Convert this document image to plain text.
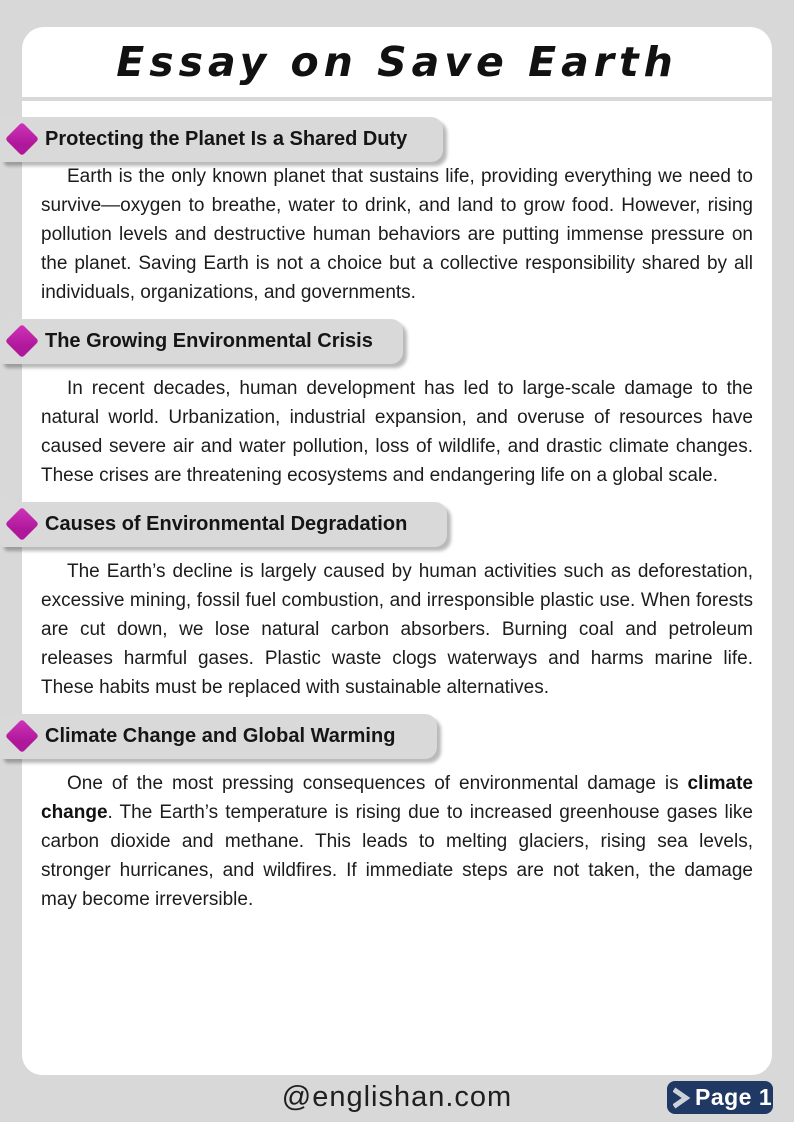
Essay on Save Earth
Protecting the Planet Is a Shared Duty

Earth is the only known planet that sustains life, providing everything we need to survive—oxygen to breathe, water to drink, and land to grow food. However, rising pollution levels and destructive human behaviors are putting immense pressure on the planet. Saving Earth is not a choice but a collective responsibility shared by all individuals, organizations, and governments.

The Growing Environmental Crisis

In recent decades, human development has led to large-scale damage to the natural world. Urbanization, industrial expansion, and overuse of resources have caused severe air and water pollution, loss of wildlife, and drastic climate changes. These crises are threatening ecosystems and endangering life on a global scale.

Causes of Environmental Degradation

The Earth’s decline is largely caused by human activities such as deforestation, excessive mining, fossil fuel combustion, and irresponsible plastic use. When forests are cut down, we lose natural carbon absorbers. Burning coal and petroleum releases harmful gases. Plastic waste clogs waterways and harms marine life. These habits must be replaced with sustainable alternatives.

Climate Change and Global Warming

One of the most pressing consequences of environmental damage is climate change. The Earth’s temperature is rising due to increased greenhouse gases like carbon dioxide and methane. This leads to melting glaciers, rising sea levels, stronger hurricanes, and wildfires. If immediate steps are not taken, the damage may become irreversible.

@englishan.com	Page 1
